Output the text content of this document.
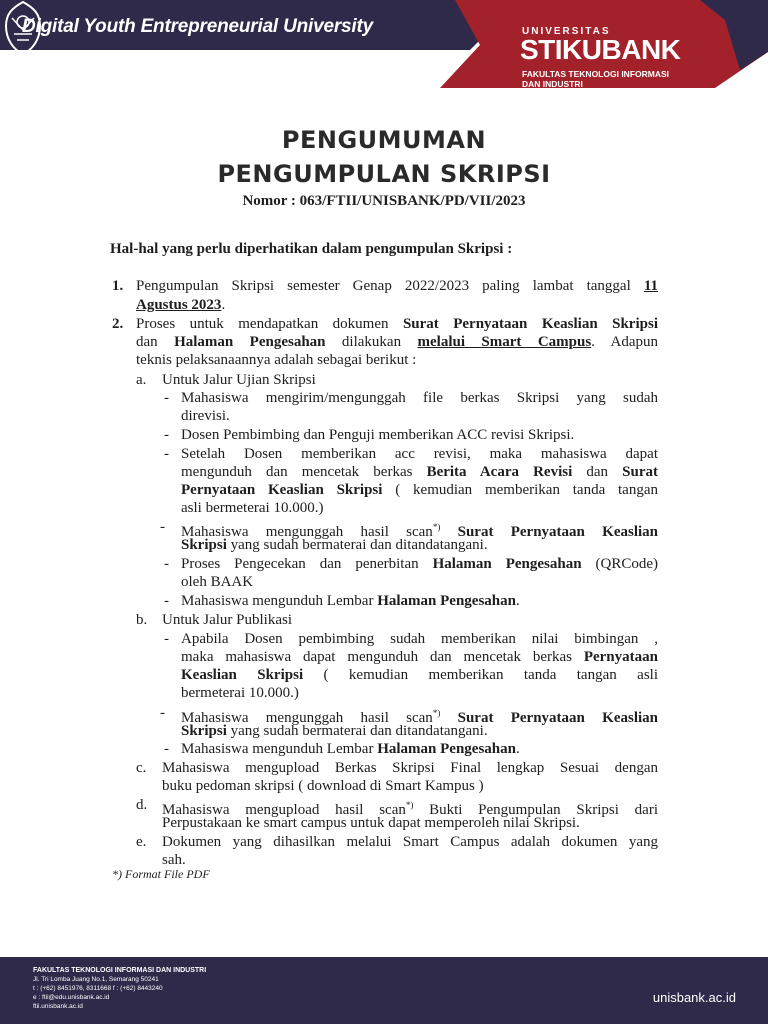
Digital Youth Entrepreneurial University	UNIVERSITAS
STIKUBANK
FAKULTAS TEKNOLOGI INFORMASI
DAN INDUSTRI
PENGUMUMAN
PENGUMPULAN SKRIPSI
Nomor : 063/FTII/UNISBANK/PD/VII/2023
Hal-hal yang perlu diperhatikan dalam pengumpulan Skripsi :
1. Pengumpulan Skripsi semester Genap 2022/2023 paling lambat tanggal 11
Agustus 2023.
2. Proses untuk mendapatkan dokumen Surat Pernyataan Keaslian Skripsi
dan Halaman Pengesahan dilakukan melalui Smart Campus. Adapun
teknis pelaksanaannya adalah sebagai berikut :
a. Untuk Jalur Ujian Skripsi
- Mahasiswa mengirim/mengunggah file berkas Skripsi yang sudah
direvisi.
- Dosen Pembimbing dan Penguji memberikan ACC revisi Skripsi.
- Setelah Dosen memberikan acc revisi, maka mahasiswa dapat
mengunduh dan mencetak berkas Berita Acara Revisi dan Surat
Pernyataan Keaslian Skripsi ( kemudian memberikan tanda tangan
asli bermeterai 10.000.)
- Mahasiswa mengunggah hasil scan*) Surat Pernyataan Keaslian
Skripsi yang sudah bermaterai dan ditandatangani.
- Proses Pengecekan dan penerbitan Halaman Pengesahan (QRCode)
oleh BAAK
- Mahasiswa mengunduh Lembar Halaman Pengesahan.
b. Untuk Jalur Publikasi
- Apabila Dosen pembimbing sudah memberikan nilai bimbingan ,
maka mahasiswa dapat mengunduh dan mencetak berkas Pernyataan
Keaslian Skripsi ( kemudian memberikan tanda tangan asli
bermeterai 10.000.)
- Mahasiswa mengunggah hasil scan*) Surat Pernyataan Keaslian
Skripsi yang sudah bermaterai dan ditandatangani.
- Mahasiswa mengunduh Lembar Halaman Pengesahan.
c. Mahasiswa mengupload Berkas Skripsi Final lengkap Sesuai dengan
buku pedoman skripsi ( download di Smart Kampus )
d. Mahasiswa mengupload hasil scan*) Bukti Pengumpulan Skripsi dari
Perpustakaan ke smart campus untuk dapat memperoleh nilai Skripsi.
e. Dokumen yang dihasilkan melalui Smart Campus adalah dokumen yang
sah.
*) Format File PDF
FAKULTAS TEKNOLOGI INFORMASI DAN INDUSTRI
Jl. Tri Lomba Juang No.1, Semarang 50241
t : (+62) 8451976, 8311668 f : (+62) 8443240
e : ftii@edu.unisbank.ac.id
ftii.unisbank.ac.id
unisbank.ac.id
